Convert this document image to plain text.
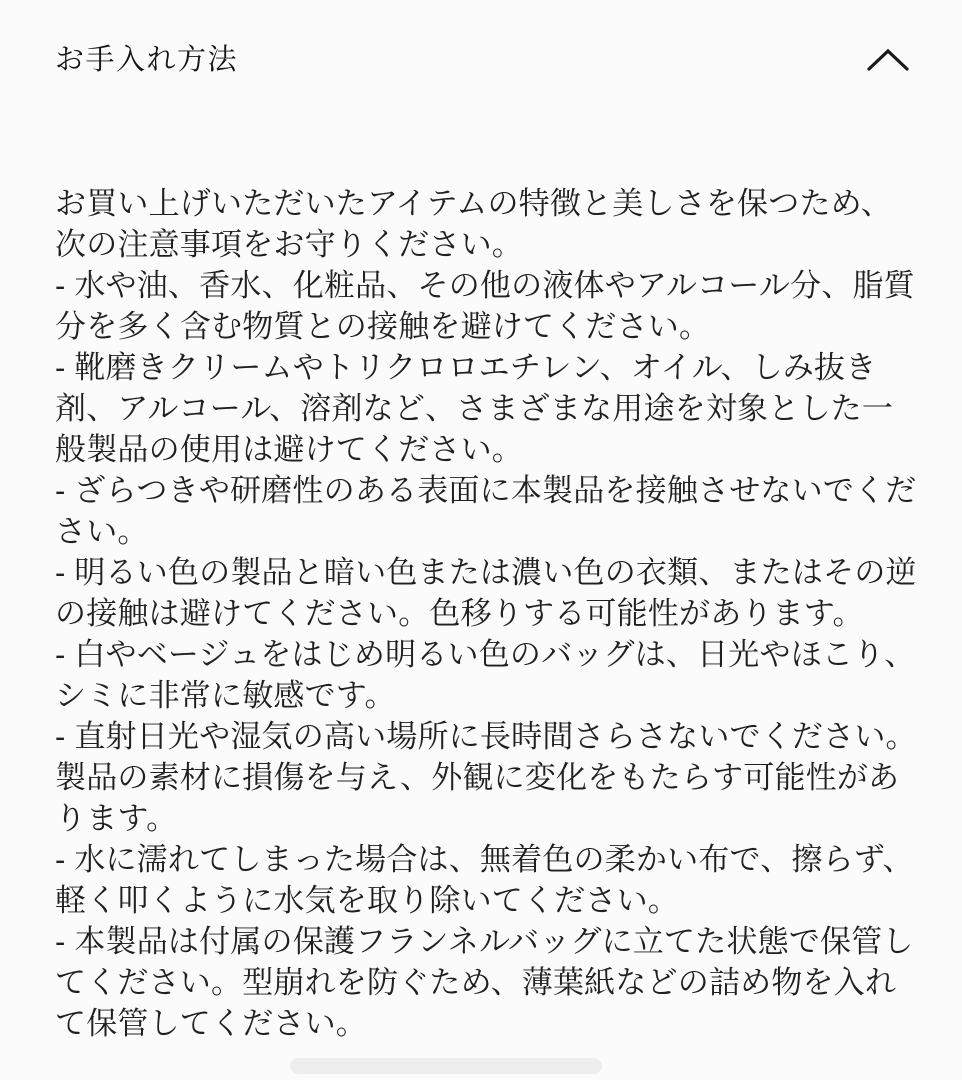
お手入れ方法
お買い上げいただいたアイテムの特徴と美しさを保つため、
次の注意事項をお守りください。
- 水や油、香水、化粧品、その他の液体やアルコール分、脂質
分を多く含む物質との接触を避けてください。
- 靴磨きクリームやトリクロロエチレン、オイル、しみ抜き
剤、アルコール、溶剤など、さまざまな用途を対象とした一
般製品の使用は避けてください。
- ざらつきや研磨性のある表面に本製品を接触させないでくだ
さい。
- 明るい色の製品と暗い色または濃い色の衣類、またはその逆
の接触は避けてください。色移りする可能性があります。
- 白やベージュをはじめ明るい色のバッグは、日光やほこり、
シミに非常に敏感です。
- 直射日光や湿気の高い場所に長時間さらさないでください。
製品の素材に損傷を与え、外観に変化をもたらす可能性があ
ります。
- 水に濡れてしまった場合は、無着色の柔かい布で、擦らず、
軽く叩くように水気を取り除いてください。
- 本製品は付属の保護フランネルバッグに立てた状態で保管し
てください。型崩れを防ぐため、薄葉紙などの詰め物を入れ
て保管してください。
